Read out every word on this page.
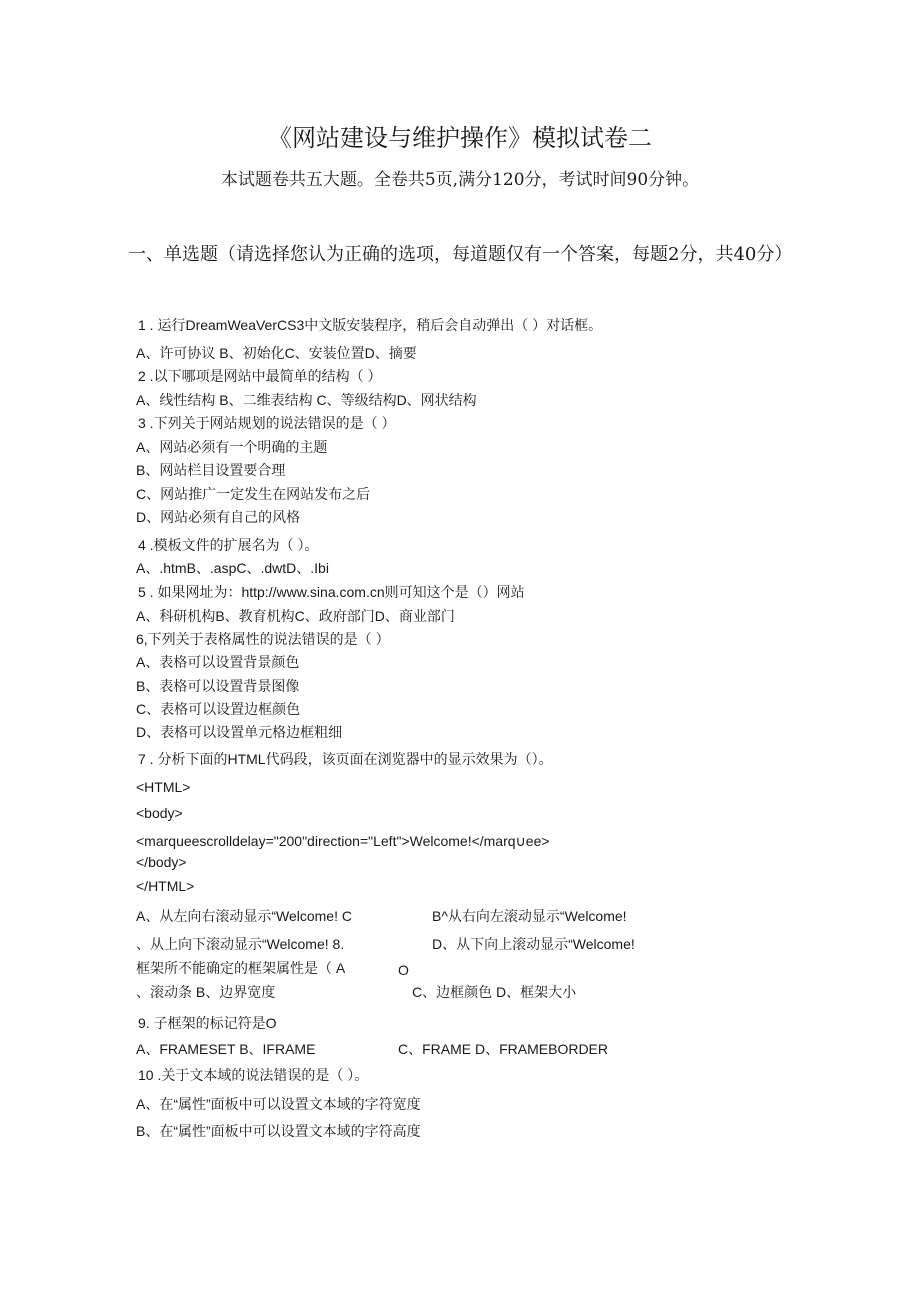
《网站建设与维护操作》模拟试卷二
本试题卷共五大题。全卷共5页,满分120分，考试时间90分钟。
一、单选题（请选择您认为正确的选项，每道题仅有一个答案，每题2分，共40分）
1 . 运行DreamWeaVerCS3中文版安装程序，稍后会自动弹出（ ）对话框。
A、许可协议 B、初始化C、安装位置D、摘要
2 .以下哪项是网站中最简单的结构（ ）
A、线性结构 B、二维表结构 C、等级结构D、网状结构
3 .下列关于网站规划的说法错误的是（ ）
A、网站必须有一个明确的主题
B、网站栏目设置要合理
C、网站推广一定发生在网站发布之后
D、网站必须有自己的风格
4 .模板文件的扩展名为（ ）。
A、.htmB、.aspC、.dwtD、.Ibi
5 . 如果网址为：http://www.sina.com.cn则可知这个是（）网站
A、科研机构B、教育机构C、政府部门D、商业部门
6,下列关于表格属性的说法错误的是（ ）
A、表格可以设置背景颜色
B、表格可以设置背景图像
C、表格可以设置边框颜色
D、表格可以设置单元格边框粗细
7 . 分析下面的HTML代码段，该页面在浏览器中的显示效果为（）。
<HTML>
<body>
<marqueescrolldelay="200"direction="Left">Welcome!</marq∪ee>
</body>
</HTML>
A、从左向右滚动显示“Welcome! C	B^从右向左滚动显示“Welcome!
、从上向下滚动显示“Welcome! 8.	D、从下向上滚动显示“Welcome!
框架所不能确定的框架属性是（ A	O
、滚动条 B、边界宽度	C、边框颜色 D、框架大小
9. 子框架的标记符是O
A、FRAMESET B、IFRAME	C、FRAME D、FRAMEBORDER
10 .关于文本域的说法错误的是（ ）。
A、在“属性”面板中可以设置文本域的字符宽度
B、在“属性”面板中可以设置文本域的字符高度
